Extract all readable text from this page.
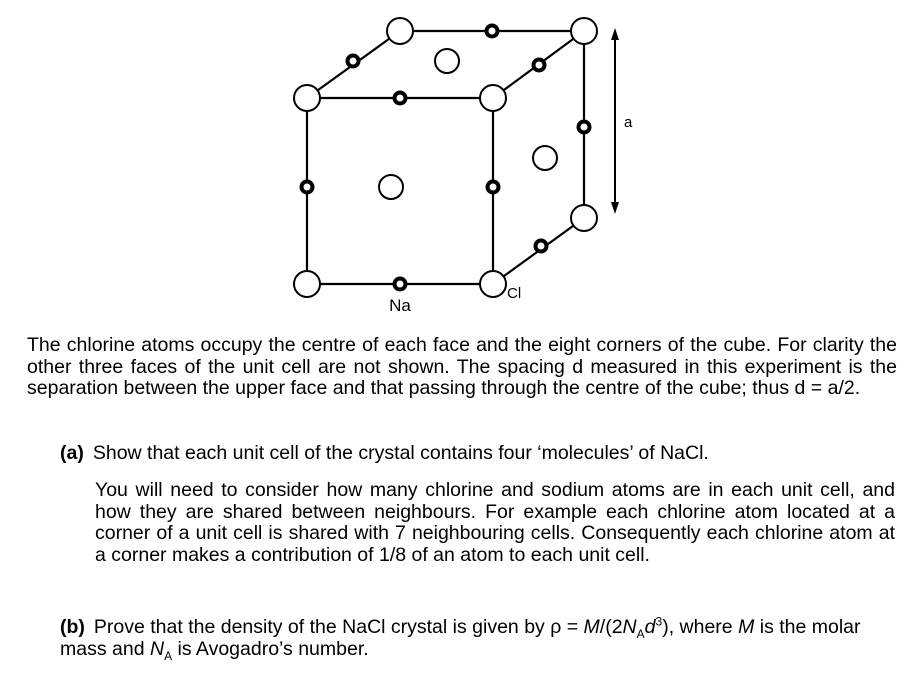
Na
Cl
a

The chlorine atoms occupy the centre of each face and the eight corners of the cube. For clarity the other three faces of the unit cell are not shown. The spacing d measured in this experiment is the separation between the upper face and that passing through the centre of the cube; thus d = a/2.

(a) Show that each unit cell of the crystal contains four ‘molecules’ of NaCl.

You will need to consider how many chlorine and sodium atoms are in each unit cell, and how they are shared between neighbours. For example each chlorine atom located at a corner of a unit cell is shared with 7 neighbouring cells. Consequently each chlorine atom at a corner makes a contribution of 1/8 of an atom to each unit cell.

(b) Prove that the density of the NaCl crystal is given by $\rho = M/(2N_Ad^3)$, where M is the molar mass and $N_A$ is Avogadro’s number.
